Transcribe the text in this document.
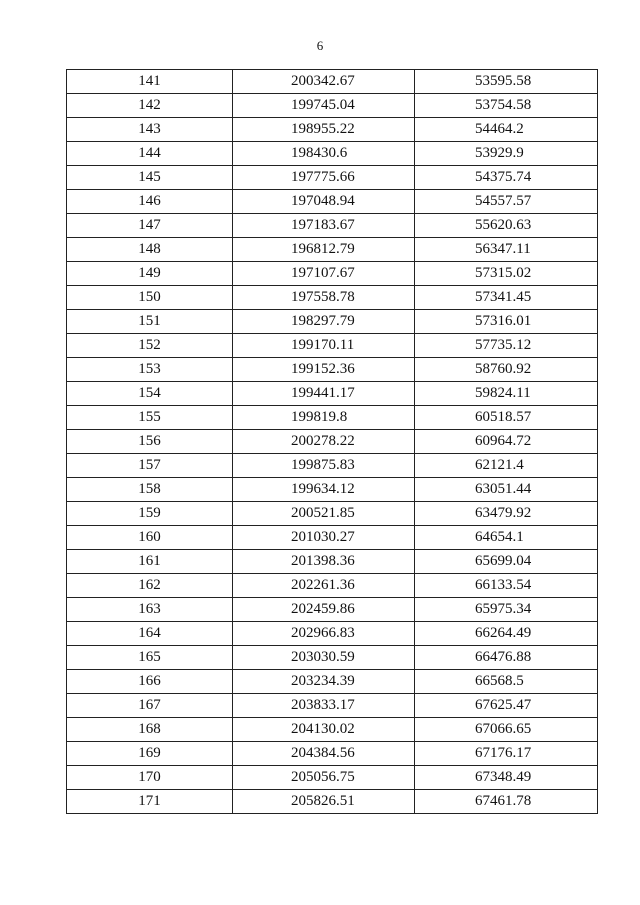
6
141	200342.67	53595.58
142	199745.04	53754.58
143	198955.22	54464.2
144	198430.6	53929.9
145	197775.66	54375.74
146	197048.94	54557.57
147	197183.67	55620.63
148	196812.79	56347.11
149	197107.67	57315.02
150	197558.78	57341.45
151	198297.79	57316.01
152	199170.11	57735.12
153	199152.36	58760.92
154	199441.17	59824.11
155	199819.8	60518.57
156	200278.22	60964.72
157	199875.83	62121.4
158	199634.12	63051.44
159	200521.85	63479.92
160	201030.27	64654.1
161	201398.36	65699.04
162	202261.36	66133.54
163	202459.86	65975.34
164	202966.83	66264.49
165	203030.59	66476.88
166	203234.39	66568.5
167	203833.17	67625.47
168	204130.02	67066.65
169	204384.56	67176.17
170	205056.75	67348.49
171	205826.51	67461.78
